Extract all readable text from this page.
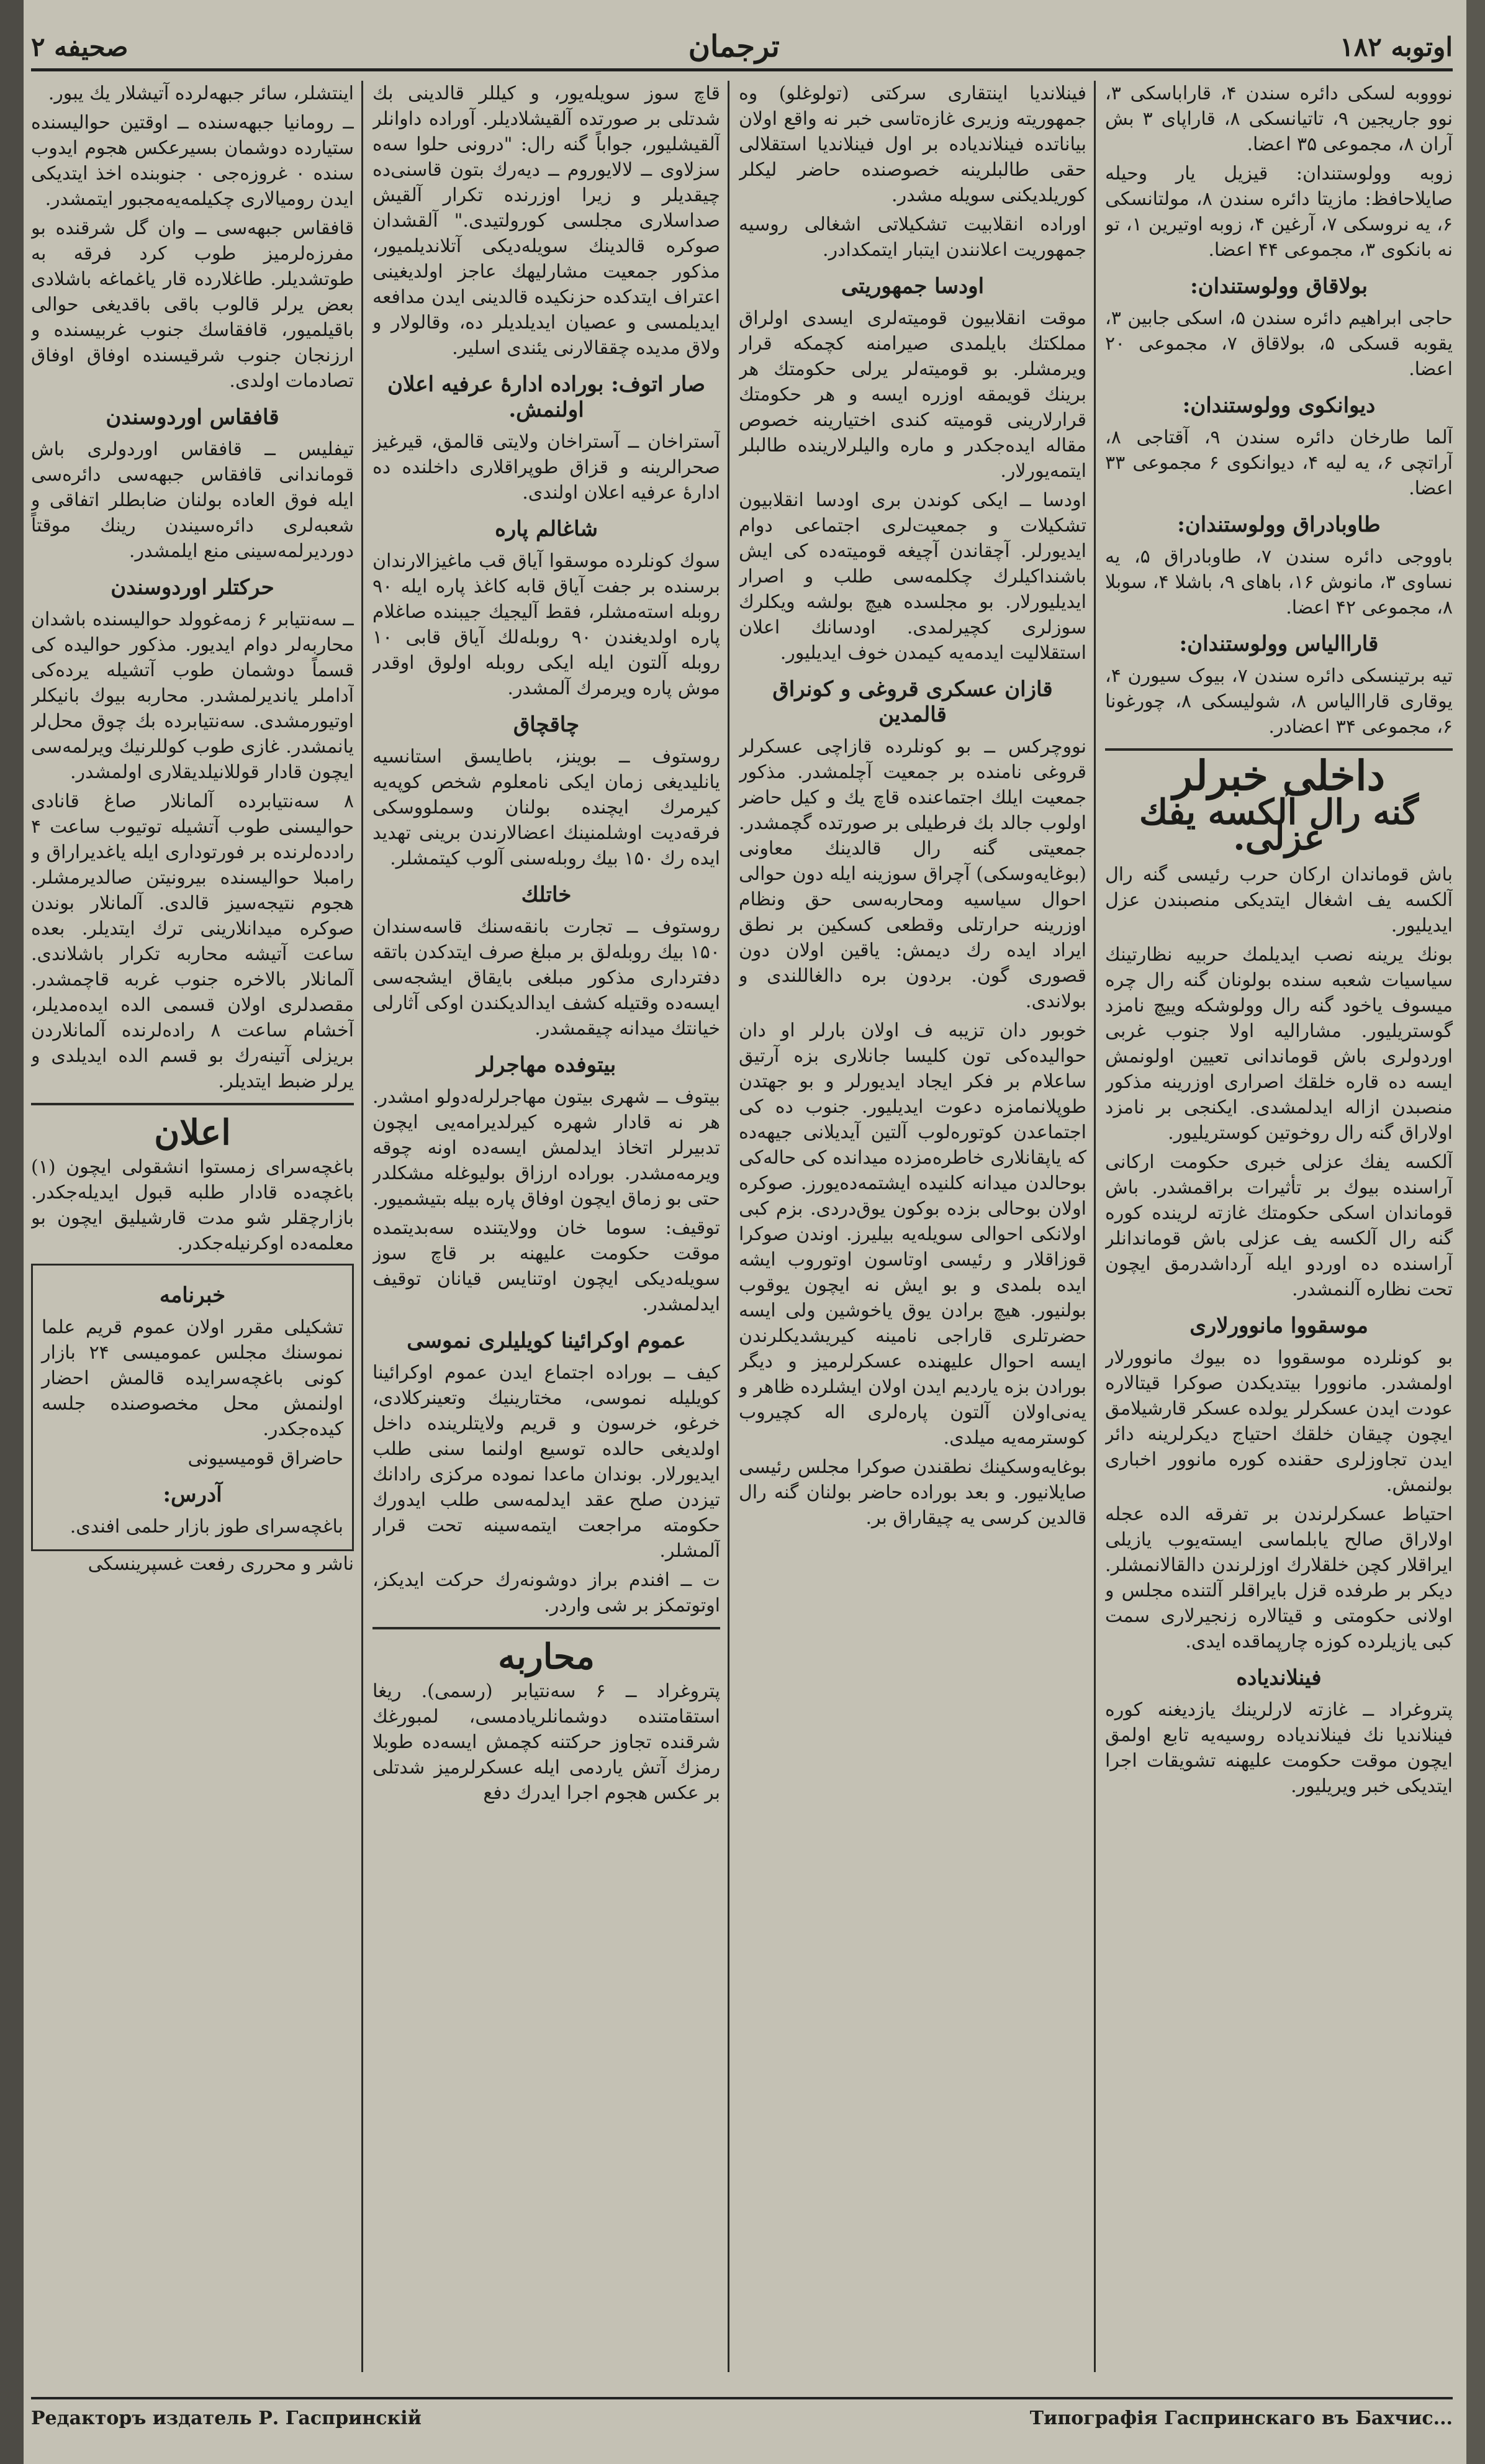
اوتوبه ۱۸۲
ترجمان
صحیفه ۲

نوووبه لسکی دائره سندن ۴، قاراباسکی ۳، نوو جاریجین ۹، تاتیانسکی ۸، قاراپای ۳ بش آران ۸، مجموعی ۳۵ اعضا.

زوبه وولوستندان: قیزیل یار وحیله صایلاحافظ: مازیتا دائره سندن ۸، مولتانسکی ۶، یه نروسکی ۷، آرغین ۴، زوبه اوتیرین ۱، تو نه بانکوی ۳، مجموعی ۴۴ اعضا.

بولاقاق وولوستندان:

حاجی ابراهیم دائره سندن ۵، اسکی جابین ۳، یقوبه قسکی ۵، بولاقاق ۷، مجموعی ۲۰ اعضا.

دیوانکوی وولوستندان:

آلما طارخان دائره سندن ۹، آقتاجی ۸، آراتچی ۶، یه لیه ۴، دیوانکوی ۶ مجموعی ۳۳ اعضا.

طاوبادراق وولوستندان:

باووجی دائره سندن ۷، طاوبادراق ۵، یه نساوی ۳، مانوش ۱۶، باهای ۹، باشلا ۴، سوبلا ۸، مجموعی ۴۲ اعضا.

قاراالیاس وولوستندان:

تیه برتینسکی دائره سندن ۷، بیوک سیورن ۴، یوقاری قاراالیاس ۸، شولیسکی ۸، چورغونا ۶، مجموعی ۳۴ اعضادر.

داخلی خبرلر
گنه رال آلکسه یفك عزلی.

باش قوماندان ارکان حرب رئیسی گنه رال آلکسه یف اشغال ایتدیکی منصبندن عزل ایدیلیور.

بونك یرینه نصب ایدیلمك حربیه نظارتینك سیاسیات شعبه سنده بولونان گنه رال چره میسوف یاخود گنه رال وولوشکه وییچ نامزد گوستریلیور. مشارالیه اولا جنوب غربی اوردولری باش قوماندانی تعیین اولونمش ایسه ده قاره خلقك اصراری اوزرینه مذکور منصبدن ازاله ایدلمشدی. ایکنجی بر نامزد اولاراق گنه رال روخوتین کوستریلیور.

آلکسه یفك عزلی خبری حکومت ارکانی آراسنده بیوك بر تأثیرات براقمشدر. باش قوماندان اسکی حکومتك غازته لرینده کوره گنه رال آلکسه یف عزلی باش قوماندانلر آراسنده ده اوردو ایله آرداشدرمق ایچون تحت نظاره آلنمشدر.

موسقووا مانوورلاری

بو کونلرده موسقووا ده بیوك مانوورلار اولمشدر. مانوورا بیتدیکدن صوکرا قیتالاره عودت ایدن عسکرلر یولده عسکر قارشیلامق ایچون چیقان خلقك احتیاج دیکرلرینه دائر ایدن تجاوزلری حقنده کوره مانوور اخباری بولنمش.

احتیاط عسکرلرندن بر تفرقه الده عجله اولاراق صالح یابلماسی ایسته‌یوب یازیلی ایراقلار کچن خلقلارك اوزلرندن دالقالانمشلر. دیکر بر طرفده قزل بایراقلر آلتنده مجلس و اولانی حکومتی و قیتالاره زنجیرلاری سمت کبی یازیلرده کوزه چارپماقده ایدی.

فینلاندیاده

پتروغراد ــ غازته لارلرینك یازدیغنه کوره فینلاندیا نك فینلاندیاده روسیه‌یه تابع اولمق ایچون موقت حکومت علیهنه تشویقات اجرا ایتدیکی خبر ویریلیور.

فینلاندیا اینتقاری سرکتی (تولوغلو) وه جمهوریته وزیری غازه‌تاسی خبر نه واقع اولان بیاناتده فینلاندیاده بر اول فینلاندیا استقلالی حقی طالبلرینه خصوصنده حاضر لیکلر کوریلدیکنی سویله مشدر.

اوراده انقلابیت تشکیلاتی اشغالی روسیه جمهوریت اعلانندن ایتبار ایتمکدادر.

اودسا جمهوریتی

موقت انقلابیون قومیته‌لری ایسدی اولراق مملکتك بایلمدی صیرامنه کچمکه قرار ویرمشلر. بو قومیته‌لر یرلی حکومتك هر برینك قویمقه اوزره ایسه و هر حکومتك قرارلارینی قومیته کندی اختیارینه خصوص مقاله ایده‌جکدر و ماره والیلرلارینده طالبلر ایتمه‌یورلار.

اودسا ــ ایکی کوندن بری اودسا انقلابیون تشکیلات و جمعیت‌لری اجتماعی دوام ایدیورلر. آچقاندن آچیغه قومیته‌ده کی ایش باشنداکیلرك چکلمه‌سی طلب و اصرار ایدیلیورلار. بو مجلسده هیچ بولشه ویکلرك سوزلری کچیرلمدی. اودسانك اعلان استقلالیت ایدمه‌یه کیمدن خوف ایدیلیور.

قازان عسکری قروغی و کونراق قالمدین

نووچرکس ــ بو کونلرده قازاچی عسکرلر قروغی نامنده بر جمعیت آچلمشدر. مذکور جمعیت ایلك اجتماعنده قاچ یك و کیل حاضر اولوب جالد بك فرطیلی بر صورتده گچمشدر. جمعیتی گنه رال قالدینك معاونی (بوغایه‌وسکی) آچراق سوزینه ایله دون حوالی احوال سیاسیه ومحاربه‌سی حق ونظام اوزرینه حرارتلی وقطعی کسکین بر نطق ایراد ایده رك دیمش: یاقین اولان دون قصوری گون. بردون بره دالغاللندی و بولاندی.

خوبور دان تزیبه ف اولان بارلر او دان حوالیده‌کی تون کلیسا جانلاری بزه آرتیق ساعلام بر فکر ایجاد ایدیورلر و بو جهتدن طوپلانمامزه دعوت ایدیلیور. جنوب ده کی اجتماعدن کوتوره‌لوب آلتین آیدیلانی جیهه‌ده که یاپقانلاری خاطره‌مزده میدانده کی حاله‌کی بوحالدن میدانه کلنیده ایشتمه‌ده‌یورز. صوکره اولان بوحالی بزده بوکون یوق‌دردی. بزم کبی اولانکی احوالی سویله‌یه بیلیرز. اوندن صوکرا قوزاقلار و رئیسی اوتاسون اوتوروب ایشه ایده بلمدی و بو ایش نه ایچون یوقوب بولنیور. هیچ برادن یوق یاخوشین ولی ایسه حضرتلری قاراجی نامینه کیریشدیکلرندن ایسه احوال علیهنده عسکرلرمیز و دیگر بورادن بزه یاردیم ایدن اولان ایشلرده ظاهر و یه‌نی‌اولان آلتون پاره‌لری اله کچیروب کوسترمه‌یه میلدی.

بوغایه‌وسکینك نطقندن صوکرا مجلس رئیسی صایلانیور. و بعد بوراده حاضر بولنان گنه رال قالدین کرسی یه چیقاراق بر.

قاچ سوز سویله‌یور، و کیللر قالدینی بك شدتلی بر صورتده آلقیشلادیلر. آوراده داوانلر آلقیشلیور، جواباً گنه رال: "درونی حلوا سه‌ه سزلاوی ــ لالایوروم ــ دیه‌رك بتون قاسنی‌ده چیقدیلر و زیرا اوزرنده تکرار آلقیش صداسلاری مجلسی کورولتیدی." آلقشدان صوکره قالدینك سویله‌دیکی آتلاندیلمیور، مذکور جمعیت مشارلیهك عاجز اولدیغینی اعتراف ایتدکده حزنکیده قالدینی ایدن مدافعه ایدیلمسی و عصیان ایدیلدیلر ده، وقالولار و ولاق مدیده چققالارنی یئندی اسلیر.

صار اتوف: بوراده ادارهٔ عرفیه اعلان اولنمش.

آستراخان ــ آستراخان ولایتی قالمق، قیرغیز صحرالرینه و قزاق طوپراقلاری داخلنده ده ادارهٔ عرفیه اعلان اولندی.

شاغالم پاره

سوك کونلرده موسقوا آیاق قب ماغیزالارندان برسنده بر جفت آیاق قابه کاغذ پاره ایله ۹۰ روبله استه‌مشلر، فقط آلیجیك جیبنده صاغلام پاره اولدیغندن ۹۰ روبله‌لك آیاق قابی ۱۰ روبله آلتون ایله ایکی روبله اولوق اوقدر موش پاره ویرمرك آلمشدر.

چاقچاق

روستوف ــ بوینز، باطایسق استانسیه یانلیدیغی زمان ایکی نامعلوم شخص کوپه‌یه کیرمرك ایچنده بولنان وسملووسکی فرقه‌دیت اوشلمنینك اعضالارندن برینی تهدید ایده رك ۱۵۰ بیك روبله‌سنی آلوب کیتمشلر.

خاتلك

روستوف ــ تجارت بانقه‌سنك قاسه‌سندان ۱۵۰ بیك روبله‌لق بر مبلغ صرف ایتدکدن باتقه دفترداری مذکور مبلغی بایقاق ایشجه‌سی ایسه‌ده وقتیله کشف ایدالدیکندن اوکی آثارلی خیانتك میدانه چیقمشدر.

بیتوفده مهاجرلر

بیتوف ــ شهری بیتون مهاجرلرله‌دولو امشدر. هر نه قادار شهره کیرلدیرامه‌یی ایچون تدبیرلر اتخاذ ایدلمش ایسه‌ده اونه چوقه ویرمه‌مشدر. بوراده ارزاق بولیوغله مشکلدر حتی بو زماق ایچون اوفاق پاره بیله بتیشمیور.

توقیف: سوما خان وولایتنده سه‌بدیتمده موقت حکومت علیهنه بر قاچ سوز سویله‌دیکی ایچون اوتنایس قیانان توقیف ایدلمشدر.

عموم اوکرائینا کویلیلری نموسی

کیف ــ بوراده اجتماع ایدن عموم اوکرائینا کویلیله نموسی، مختارینیك وتعینرکلادی، خرغو، خرسون و قریم ولایتلرینده داخل اولدیغی حالده توسیع اولنما سنی طلب ایدیورلار. بوندان ماعدا نموده مرکزی رادانك تیزدن صلح عقد ایدلمه‌سی طلب ایدورك حکومته مراجعت ایتمه‌سینه تحت قرار آلمشلر.

ت ــ افندم براز دوشونه‌رك حرکت ایدیکز، اوتوتمکز بر شی واردر.

محاربه

پتروغراد ــ ۶ سه‌نتیابر (رسمی). ریغا استقامتنده دوشمانلریادمسی، لمبورغك شرقنده تجاوز حرکتنه کچمش ایسه‌ده طوبلا رمزك آتش یاردمی ایله عسکرلرمیز شدتلی بر عکس هجوم اجرا ایدرك دفع

اینتشلر، سائر جبهه‌لرده آتیشلار یك یبور.

ــ رومانیا جبهه‌سنده ــ اوقتین حوالیسنده ستیارده دوشمان بسیرعکس هجوم ایدوب سنده ۰ غروزه‌جی ۰ جنوبنده اخذ ایتدیکی ایدن رومیالاری چکیلمه‌یه‌مجبور ایتمشدر.

قافقاس جبهه‌سی ــ وان گل شرقنده بو مفرزه‌لرمیز طوب کرد فرقه به طوتشدیلر. طاغلارده قار یاغماغه باشلادی بعض یرلر قالوب باقی باقدیغی حوالی باقیلمیور، قافقاسك جنوب غربیسنده و ارزنجان جنوب شرقیسنده اوفاق اوفاق تصادمات اولدی.

قافقاس اوردوسندن

تیفلیس ــ قافقاس اوردولری باش قوماندانی قافقاس جبهه‌سی دائره‌سی ایله فوق العاده بولنان ضابطلر اتفاقی و شعبه‌لری دائره‌سیندن رینك موقتاً دوردیرلمه‌سینی منع ایلمشدر.

حرکتلر اوردوسندن

ــ سه‌نتیابر ۶ زمه‌غوولد حوالیسنده باشدان محاربه‌لر دوام ایدیور. مذکور حوالیده کی قسماً دوشمان طوب آتشیله یرده‌کی آداملر یاندیرلمشدر. محاربه بیوك بانیکلر اوتیورمشدی. سه‌نتیابرده بك چوق محل‌لر یانمشدر. غازی طوب کوللرنیك ویرلمه‌سی ایچون قادار قوللانیلدیقلاری اولمشدر.

۸ سه‌نتیابرده آلمانلار صاغ قانادی حوالیسنی طوب آتشیله توتیوب ساعت ۴ رادده‌لرنده بر فورتوداری ایله یاغدیراراق و رامبلا حوالیسنده بیرونیتن صالدیرمشلر. هجوم نتیجه‌سیز قالدی. آلمانلار بوندن صوکره میدانلارینی ترك ایتدیلر. بعده ساعت آتیشه محاربه تکرار باشلاندی. آلمانلار بالاخره جنوب غربه قاچمشدر. مقصدلری اولان قسمی الده ایده‌مدیلر، آخشام ساعت ۸ راده‌لرنده آلمانلاردن بریزلی آتینه‌رك بو قسم الده ایدیلدی و یرلر ضبط ایتدیلر.

اعلان

باغچه‌سرای زمستوا انشقولی ایچون (۱) باغچه‌ده قادار طلبه قبول ایدیله‌جکدر. بازارچقلر شو مدت قارشیلیق ایچون بو معلمه‌ده اوکرنیله‌جکدر.

خبرنامه

تشکیلی مقرر اولان عموم قریم علما نموسنك مجلس عمومیسی ۲۴ بازار کونی باغچه‌سرایده قالمش احضار اولنمش محل مخصوصنده جلسه کیده‌جکدر.

حاضراق قومیسیونی

آدرس:

باغچه‌سرای طوز بازار حلمی افندی.

ناشر و محرری رفعت غسپرینسکی

Редакторъ издатель Р. Гаспринскiй	Типографія Гаспринскаго въ Бахчис...
